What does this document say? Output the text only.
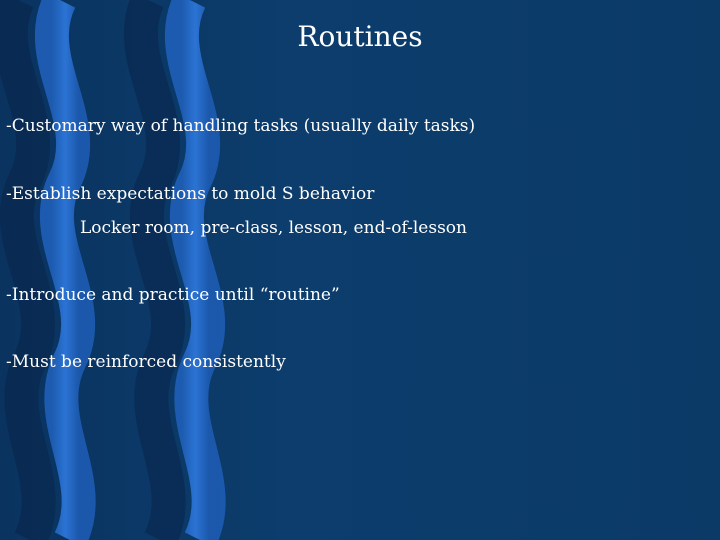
Routines

-Customary way of handling tasks (usually daily tasks)

-Establish expectations to mold S behavior

Locker room, pre-class, lesson, end-of-lesson

-Introduce and practice until “routine”

-Must be reinforced consistently
